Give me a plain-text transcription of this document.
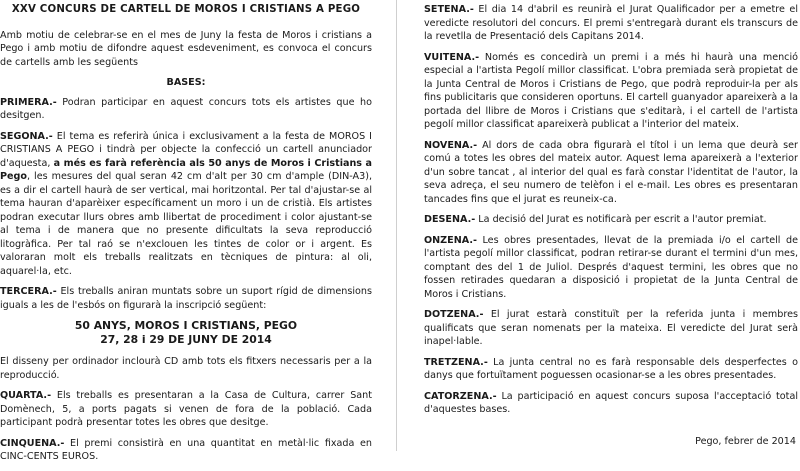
XXV CONCURS DE CARTELL DE MOROS I CRISTIANS A PEGO

Amb motiu de celebrar-se en el mes de Juny la festa de Moros i cristians a Pego i amb motiu de difondre aquest esdeveniment, es convoca el concurs de cartells amb les següents

BASES:

PRIMERA.- Podran participar en aquest concurs tots els artistes que ho desitgen.

SEGONA.- El tema es referirà única i exclusivament a la festa de MOROS I CRISTIANS A PEGO i tindrà per objecte la confecció un cartell anunciador d'aquesta, a més es farà referència als 50 anys de Moros i Cristians a Pego, les mesures del qual seran 42 cm d'alt per 30 cm d'ample (DIN-A3), es a dir el cartell haurà de ser vertical, mai horitzontal. Per tal d'ajustar-se al tema hauran d'aparèixer específicament un moro i un de cristià. Els artistes podran executar llurs obres amb llibertat de procediment i color ajustant-se al tema i de manera que no presente dificultats la seva reproducció litogràfica. Per tal raó se n'exclouen les tintes de color or i argent. Es valoraran molt els treballs realitzats en tècniques de pintura: al oli, aquarel·la, etc.

TERCERA.- Els treballs aniran muntats sobre un suport rígid de dimensions iguals a les de l'esbós on figurarà la inscripció següent:

50 ANYS, MOROS I CRISTIANS, PEGO
27, 28 i 29 DE JUNY DE 2014

El disseny per ordinador inclourà CD amb tots els fitxers necessaris per a la reproducció.

QUARTA.- Els treballs es presentaran a la Casa de Cultura, carrer Sant Domènech, 5, a ports pagats si venen de fora de la població. Cada participant podrà presentar totes les obres que desitge.

CINQUENA.- El premi consistirà en una quantitat en metàl·lic fixada en CINC-CENTS EUROS.

SETENA.- El dia 14 d'abril es reunirà el Jurat Qualificador per a emetre el veredicte resolutori del concurs. El premi s'entregarà durant els transcurs de la revetlla de Presentació dels Capitans 2014.

VUITENA.- Només es concedirà un premi i a més hi haurà una menció especial a l'artista Pegolí millor classificat. L'obra premiada serà propietat de la Junta Central de Moros i Cristians de Pego, que podrà reproduir-la per als fins publicitaris que consideren oportuns. El cartell guanyador apareixerà a la portada del llibre de Moros i Cristians que s'editarà, i el cartell de l'artista pegolí millor classificat apareixerà publicat a l'interior del mateix.

NOVENA.- Al dors de cada obra figurarà el títol i un lema que deurà ser comú a totes les obres del mateix autor. Aquest lema apareixerà a l'exterior d'un sobre tancat , al interior del qual es farà constar l'identitat de l'autor, la seva adreça, el seu numero de telèfon i el e-mail. Les obres es presentaran tancades fins que el jurat es reuneix-ca.

DESENA.- La decisió del Jurat es notificarà per escrit a l'autor premiat.

ONZENA.- Les obres presentades, llevat de la premiada i/o el cartell de l'artista pegolí millor classificat, podran retirar-se durant el termini d'un mes, comptant des del 1 de Juliol. Després d'aquest termini, les obres que no fossen retirades quedaran a disposició i propietat de la Junta Central de Moros i Cristians.

DOTZENA.- El jurat estarà constituït per la referida junta i membres qualificats que seran nomenats per la mateixa. El veredicte del Jurat serà inapel·lable.

TRETZENA.- La junta central no es farà responsable dels desperfectes o danys que fortuïtament poguessen ocasionar-se a les obres presentades.

CATORZENA.- La participació en aquest concurs suposa l'acceptació total d'aquestes bases.

Pego, febrer de 2014
